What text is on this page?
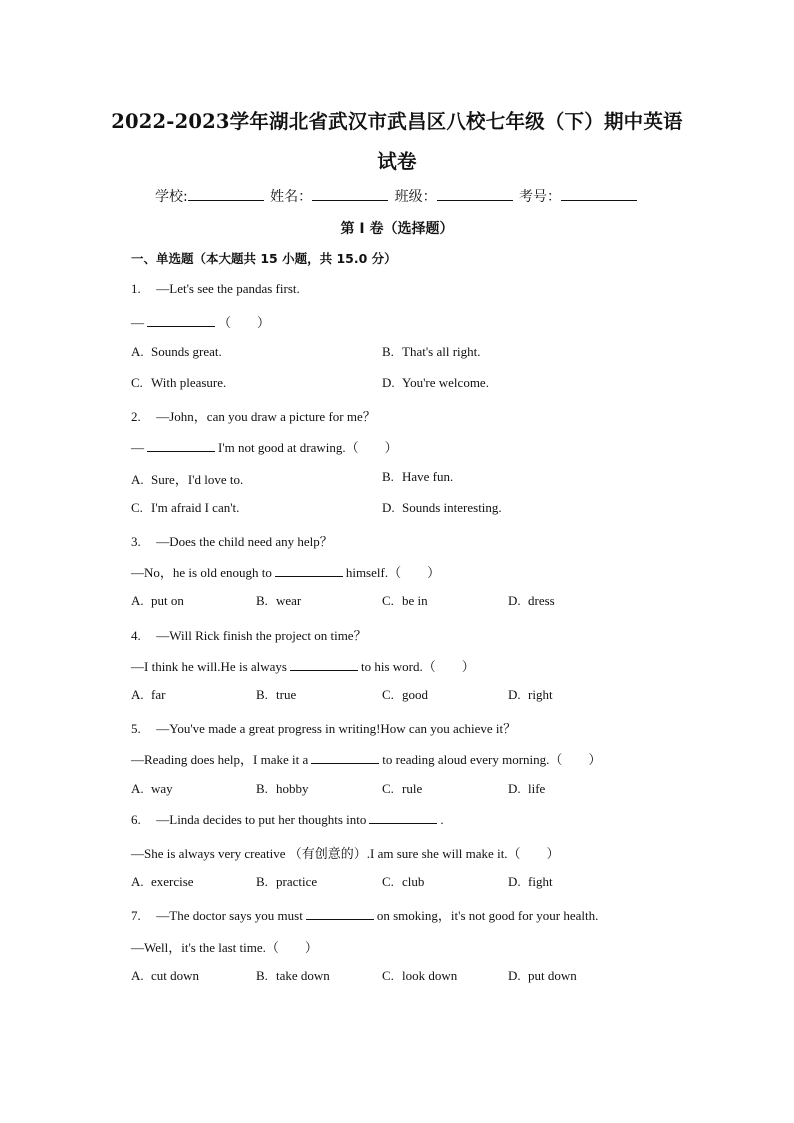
2022-2023学年湖北省武汉市武昌区八校七年级（下）期中英语
试卷
学校:	姓名：	班级：	考号：
第 I 卷（选择题）
一、单选题（本大题共 15 小题，共 15.0 分）
1. —Let's see the pandas first.
—	（　　）
A. Sounds great.	B. That's all right.
C. With pleasure.	D. You're welcome.
2. —John，can you draw a picture for me？
—	I'm not good at drawing.（　　）
A. Sure，I'd love to.	B. Have fun.
C. I'm afraid I can't.	D. Sounds interesting.
3. —Does the child need any help？
—No，he is old enough to	himself.（　　）
A. put on	B. wear	C. be in	D. dress
4. —Will Rick finish the project on time？
—I think he will.He is always	to his word.（　　）
A. far	B. true	C. good	D. right
5. —You've made a great progress in writing!How can you achieve it？
—Reading does help，I make it a	to reading aloud every morning.（　　）
A. way	B. hobby	C. rule	D. life
6. —Linda decides to put her thoughts into	.
—She is always very creative （有创意的）.I am sure she will make it.（　　）
A. exercise	B. practice	C. club	D. fight
7. —The doctor says you must	on smoking，it's not good for your health.
—Well，it's the last time.（　　）
A. cut down	B. take down	C. look down	D. put down
